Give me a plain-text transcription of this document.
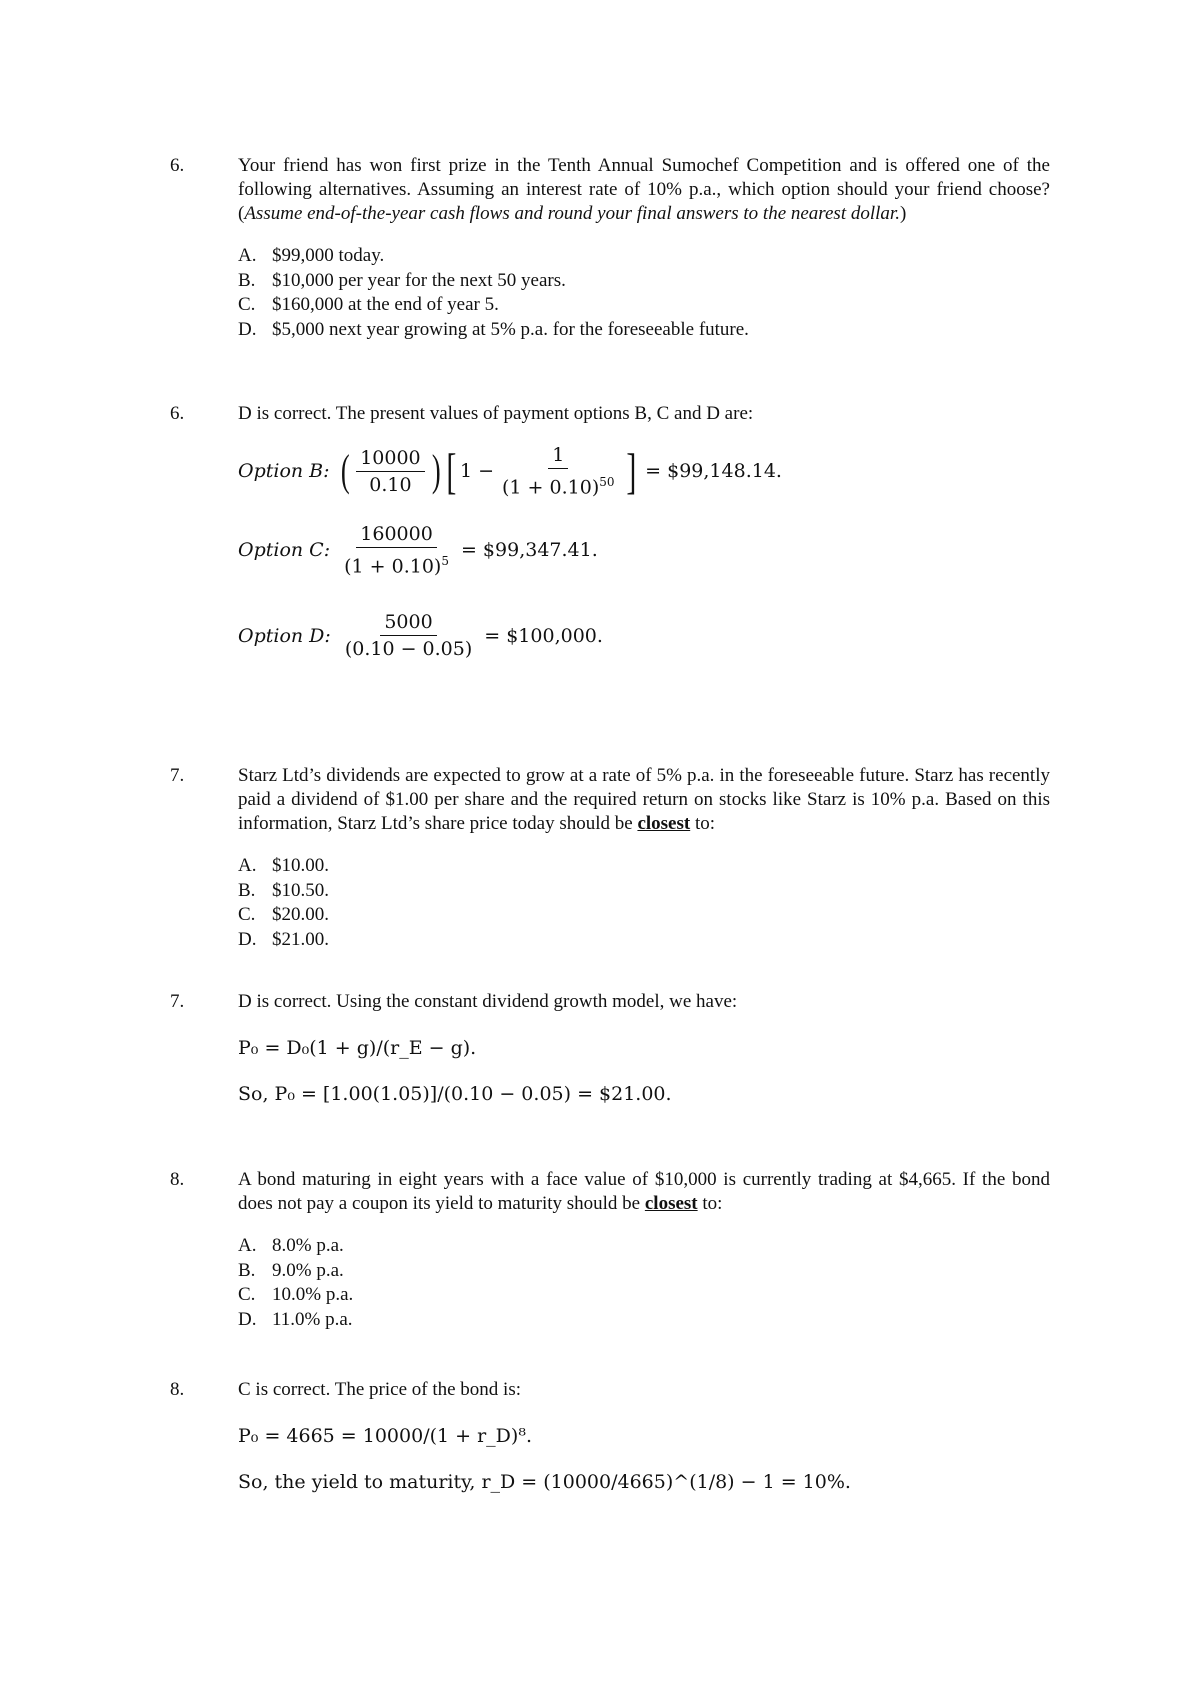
6.	Your friend has won first prize in the Tenth Annual Sumochef Competition and is offered one of the following alternatives. Assuming an interest rate of 10% p.a., which option should your friend choose? (Assume end-of-the-year cash flows and round your final answers to the nearest dollar.)
A. $99,000 today.
B. $10,000 per year for the next 50 years.
C. $160,000 at the end of year 5.
D. $5,000 next year growing at 5% p.a. for the foreseeable future.
6.	D is correct. The present values of payment options B, C and D are:
Option B: ( $\frac{10000}{0.10}$ ) [ $1 - \frac{1}{(1 + 0.10)^{50}}$ ] = $99,148.14.
Option C: $\frac{160000}{(1 + 0.10)^5}$ = $99,347.41.
Option D: $\frac{5000}{(0.10 - 0.05)}$ = $100,000.
7.	Starz Ltd’s dividends are expected to grow at a rate of 5% p.a. in the foreseeable future. Starz has recently paid a dividend of $1.00 per share and the required return on stocks like Starz is 10% p.a. Based on this information, Starz Ltd’s share price today should be closest to:
A. $10.00.
B. $10.50.
C. $20.00.
D. $21.00.
7.	D is correct. Using the constant dividend growth model, we have:
P₀ = D₀(1 + g)/(r_E − g).
So, P₀ = [1.00(1.05)]/(0.10 − 0.05) = $21.00.
8.	A bond maturing in eight years with a face value of $10,000 is currently trading at $4,665. If the bond does not pay a coupon its yield to maturity should be closest to:
A. 8.0% p.a.
B. 9.0% p.a.
C. 10.0% p.a.
D. 11.0% p.a.
8.	C is correct. The price of the bond is:
P₀ = 4665 = 10000/(1 + r_D)⁸.
So, the yield to maturity, r_D = (10000/4665)^(1/8) − 1 = 10%.
